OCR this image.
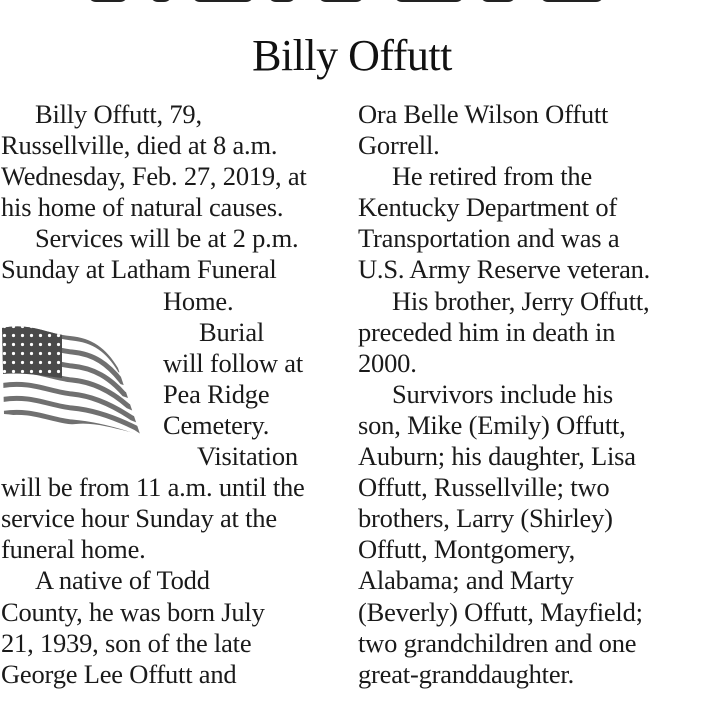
Billy Offutt
Billy Offutt, 79,
Russellville, died at 8 a.m.
Wednesday, Feb. 27, 2019, at
his home of natural causes.
Services will be at 2 p.m.
Sunday at Latham Funeral
Home.
Burial
will follow at
Pea Ridge
Cemetery.
Visitation
will be from 11 a.m. until the
service hour Sunday at the
funeral home.
A native of Todd
County, he was born July
21, 1939, son of the late
George Lee Offutt and
Ora Belle Wilson Offutt
Gorrell.
He retired from the
Kentucky Department of
Transportation and was a
U.S. Army Reserve veteran.
His brother, Jerry Offutt,
preceded him in death in
2000.
Survivors include his
son, Mike (Emily) Offutt,
Auburn; his daughter, Lisa
Offutt, Russellville; two
brothers, Larry (Shirley)
Offutt, Montgomery,
Alabama; and Marty
(Beverly) Offutt, Mayfield;
two grandchildren and one
great-granddaughter.
